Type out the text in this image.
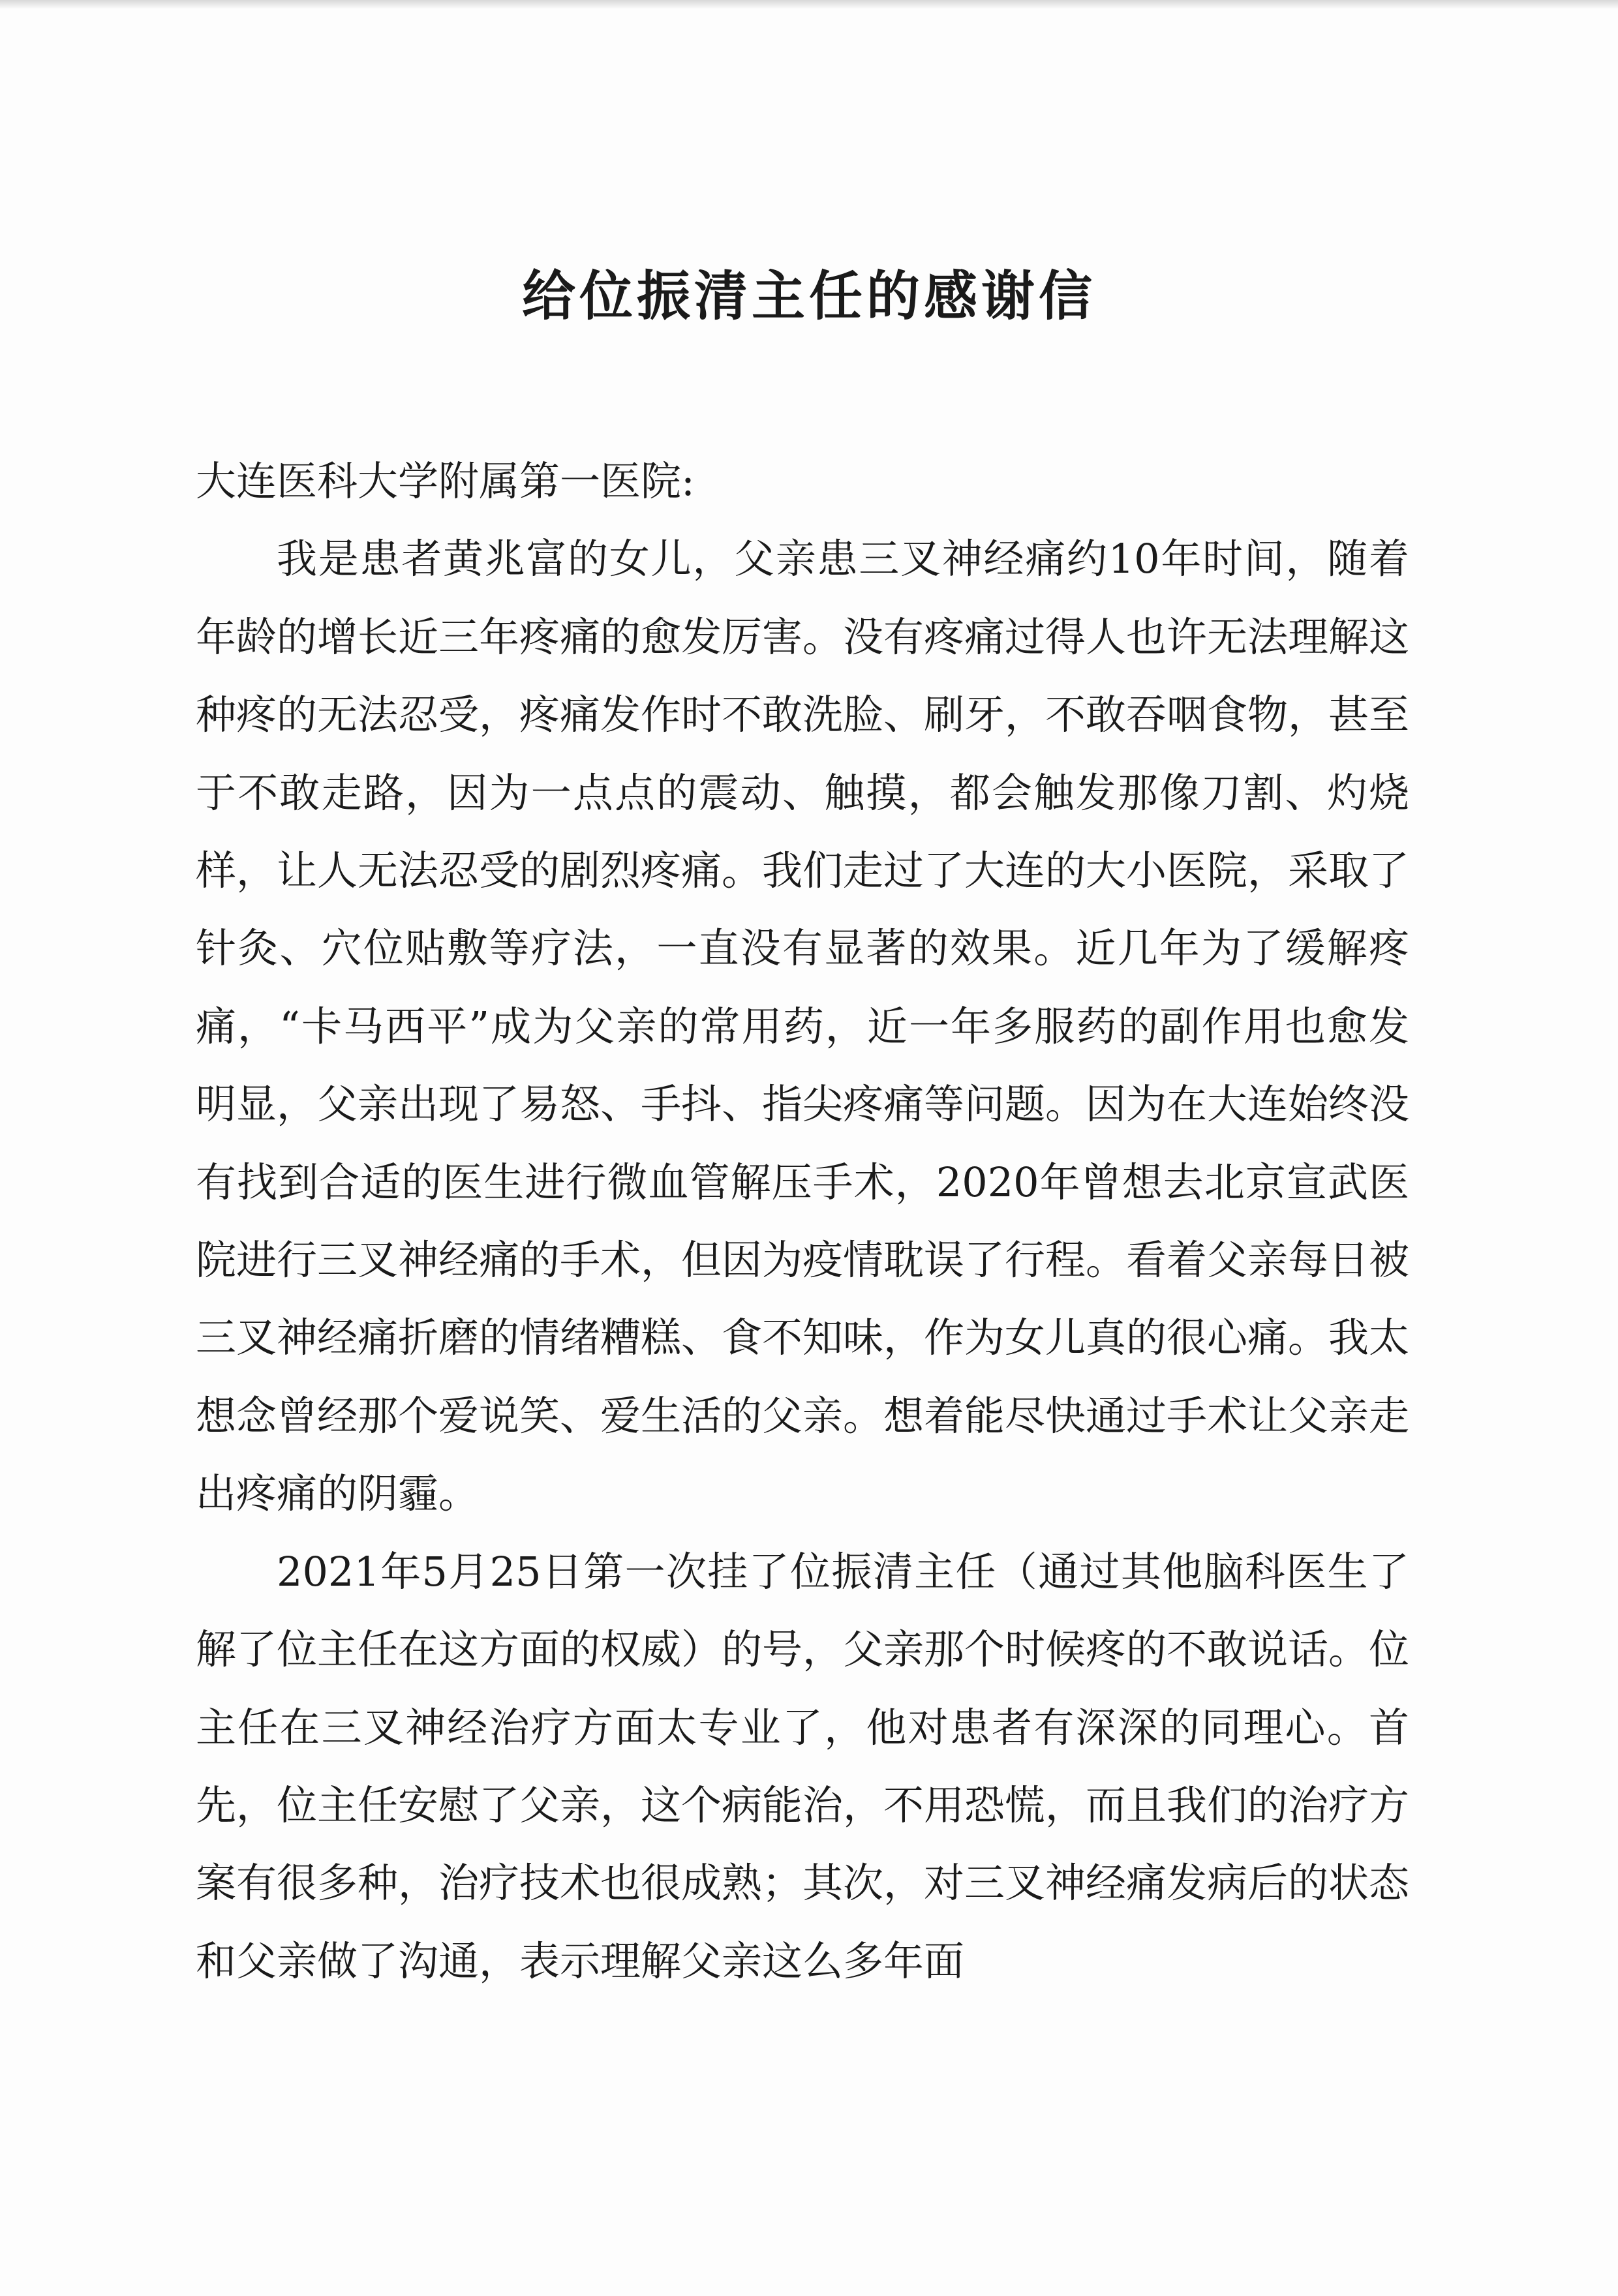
给位振清主任的感谢信

大连医科大学附属第一医院:

我是患者黄兆富的女儿，父亲患三叉神经痛约10年时间，随着年龄的增长近三年疼痛的愈发厉害。没有疼痛过得人也许无法理解这种疼的无法忍受，疼痛发作时不敢洗脸、刷牙，不敢吞咽食物，甚至于不敢走路，因为一点点的震动、触摸，都会触发那像刀割、灼烧样，让人无法忍受的剧烈疼痛。我们走过了大连的大小医院，采取了针灸、穴位贴敷等疗法，一直没有显著的效果。近几年为了缓解疼痛，“卡马西平”成为父亲的常用药，近一年多服药的副作用也愈发明显，父亲出现了易怒、手抖、指尖疼痛等问题。因为在大连始终没有找到合适的医生进行微血管解压手术，2020年曾想去北京宣武医院进行三叉神经痛的手术，但因为疫情耽误了行程。看着父亲每日被三叉神经痛折磨的情绪糟糕、食不知味，作为女儿真的很心痛。我太想念曾经那个爱说笑、爱生活的父亲。想着能尽快通过手术让父亲走出疼痛的阴霾。

2021年5月25日第一次挂了位振清主任（通过其他脑科医生了解了位主任在这方面的权威）的号，父亲那个时候疼的不敢说话。位主任在三叉神经治疗方面太专业了，他对患者有深深的同理心。首先，位主任安慰了父亲，这个病能治，不用恐慌，而且我们的治疗方案有很多种，治疗技术也很成熟；其次，对三叉神经痛发病后的状态和父亲做了沟通，表示理解父亲这么多年面
